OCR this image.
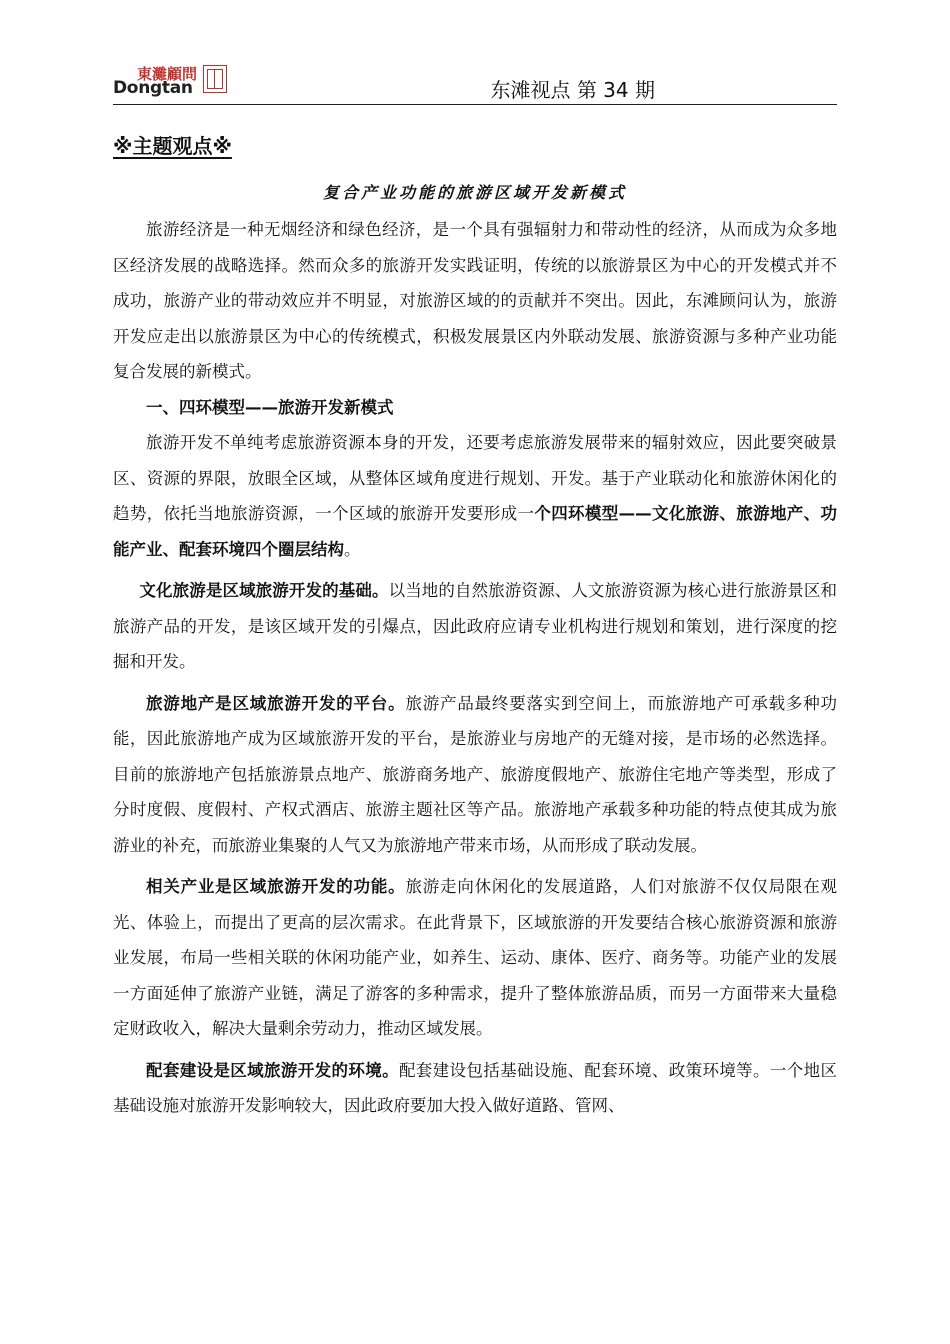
東灘顧問
Dongtan	东滩视点 第 34 期
※主题观点※
复合产业功能的旅游区域开发新模式

旅游经济是一种无烟经济和绿色经济，是一个具有强辐射力和带动性的经济，从而成为众多地区经济发展的战略选择。然而众多的旅游开发实践证明，传统的以旅游景区为中心的开发模式并不成功，旅游产业的带动效应并不明显，对旅游区域的的贡献并不突出。因此，东滩顾问认为，旅游开发应走出以旅游景区为中心的传统模式，积极发展景区内外联动发展、旅游资源与多种产业功能复合发展的新模式。

一、四环模型——旅游开发新模式

旅游开发不单纯考虑旅游资源本身的开发，还要考虑旅游发展带来的辐射效应，因此要突破景区、资源的界限，放眼全区域，从整体区域角度进行规划、开发。基于产业联动化和旅游休闲化的趋势，依托当地旅游资源，一个区域的旅游开发要形成一个四环模型——文化旅游、旅游地产、功能产业、配套环境四个圈层结构。

文化旅游是区域旅游开发的基础。以当地的自然旅游资源、人文旅游资源为核心进行旅游景区和旅游产品的开发，是该区域开发的引爆点，因此政府应请专业机构进行规划和策划，进行深度的挖掘和开发。

旅游地产是区域旅游开发的平台。旅游产品最终要落实到空间上，而旅游地产可承载多种功能，因此旅游地产成为区域旅游开发的平台，是旅游业与房地产的无缝对接，是市场的必然选择。目前的旅游地产包括旅游景点地产、旅游商务地产、旅游度假地产、旅游住宅地产等类型，形成了分时度假、度假村、产权式酒店、旅游主题社区等产品。旅游地产承载多种功能的特点使其成为旅游业的补充，而旅游业集聚的人气又为旅游地产带来市场，从而形成了联动发展。

相关产业是区域旅游开发的功能。旅游走向休闲化的发展道路，人们对旅游不仅仅局限在观光、体验上，而提出了更高的层次需求。在此背景下，区域旅游的开发要结合核心旅游资源和旅游业发展，布局一些相关联的休闲功能产业，如养生、运动、康体、医疗、商务等。功能产业的发展一方面延伸了旅游产业链，满足了游客的多种需求，提升了整体旅游品质，而另一方面带来大量稳定财政收入，解决大量剩余劳动力，推动区域发展。

配套建设是区域旅游开发的环境。配套建设包括基础设施、配套环境、政策环境等。一个地区基础设施对旅游开发影响较大，因此政府要加大投入做好道路、管网、
